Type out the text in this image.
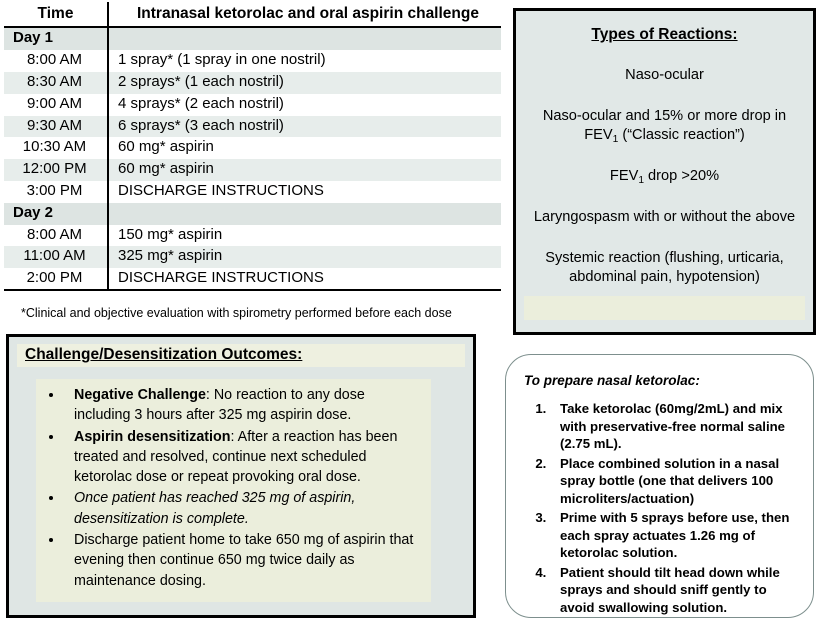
Time	Intranasal ketorolac and oral aspirin challenge
Day 1	
8:00 AM	1 spray* (1 spray in one nostril)
8:30 AM	2 sprays* (1 each nostril)
9:00 AM	4 sprays* (2 each nostril)
9:30 AM	6 sprays* (3 each nostril)
10:30 AM	60 mg* aspirin
12:00 PM	60 mg* aspirin
3:00 PM	DISCHARGE INSTRUCTIONS
Day 2	
8:00 AM	150 mg* aspirin
11:00 AM	325 mg* aspirin
2:00 PM	DISCHARGE INSTRUCTIONS
*Clinical and objective evaluation with spirometry performed before each dose
Challenge/Desensitization Outcomes:
• Negative Challenge: No reaction to any dose including 3 hours after 325 mg aspirin dose.
• Aspirin desensitization: After a reaction has been treated and resolved, continue next scheduled ketorolac dose or repeat provoking oral dose.
• Once patient has reached 325 mg of aspirin, desensitization is complete.
• Discharge patient home to take 650 mg of aspirin that evening then continue 650 mg twice daily as maintenance dosing.
Types of Reactions:
Naso-ocular
Naso-ocular and 15% or more drop in
$FEV_1$ (“Classic reaction”)
$FEV_1$ drop >20%
Laryngospasm with or without the above
Systemic reaction (flushing, urticaria,
abdominal pain, hypotension)
To prepare nasal ketorolac:
1. Take ketorolac (60mg/2mL) and mix with preservative-free normal saline (2.75 mL).
2. Place combined solution in a nasal spray bottle (one that delivers 100 microliters/actuation)
3. Prime with 5 sprays before use, then each spray actuates 1.26 mg of ketorolac solution.
4. Patient should tilt head down while sprays and should sniff gently to avoid swallowing solution.
